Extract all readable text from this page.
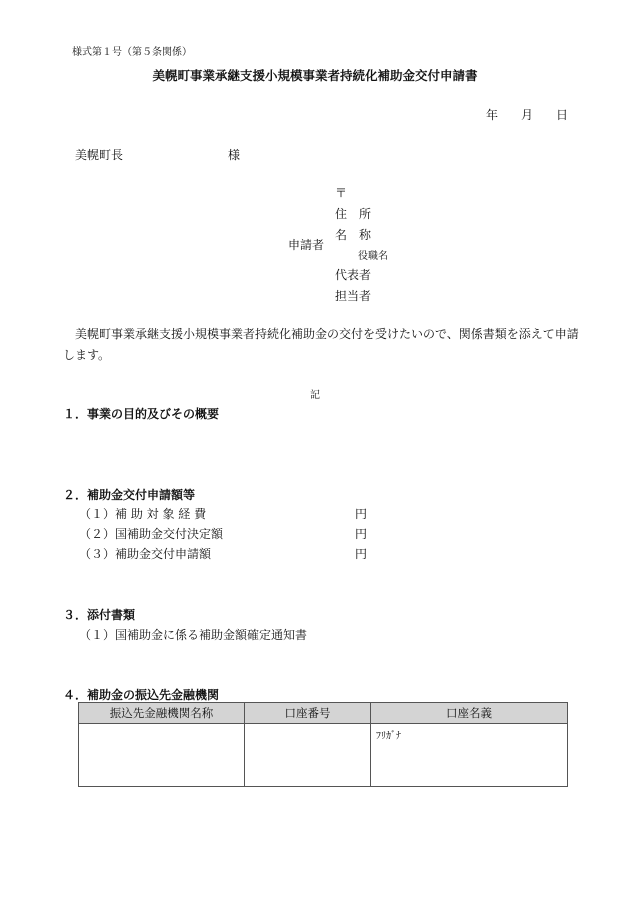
様式第１号（第５条関係）
美幌町事業承継支援小規模事業者持続化補助金交付申請書
年 月 日
美幌町長	様
申請者
〒
住　所
名　称
役職名
代表者
担当者
美幌町事業承継支援小規模事業者持続化補助金の交付を受けたいので、関係書類を添えて申請
します。
記
１．事業の目的及びその概要
２．補助金交付申請額等
（１）補 助 対 象 経 費	円
（２）国補助金交付決定額	円
（３）補助金交付申請額	円
３．添付書類
（１）国補助金に係る補助金額確定通知書
４．補助金の振込先金融機関
振込先金融機関名称	口座番号	口座名義
		ﾌﾘｶﾞﾅ
